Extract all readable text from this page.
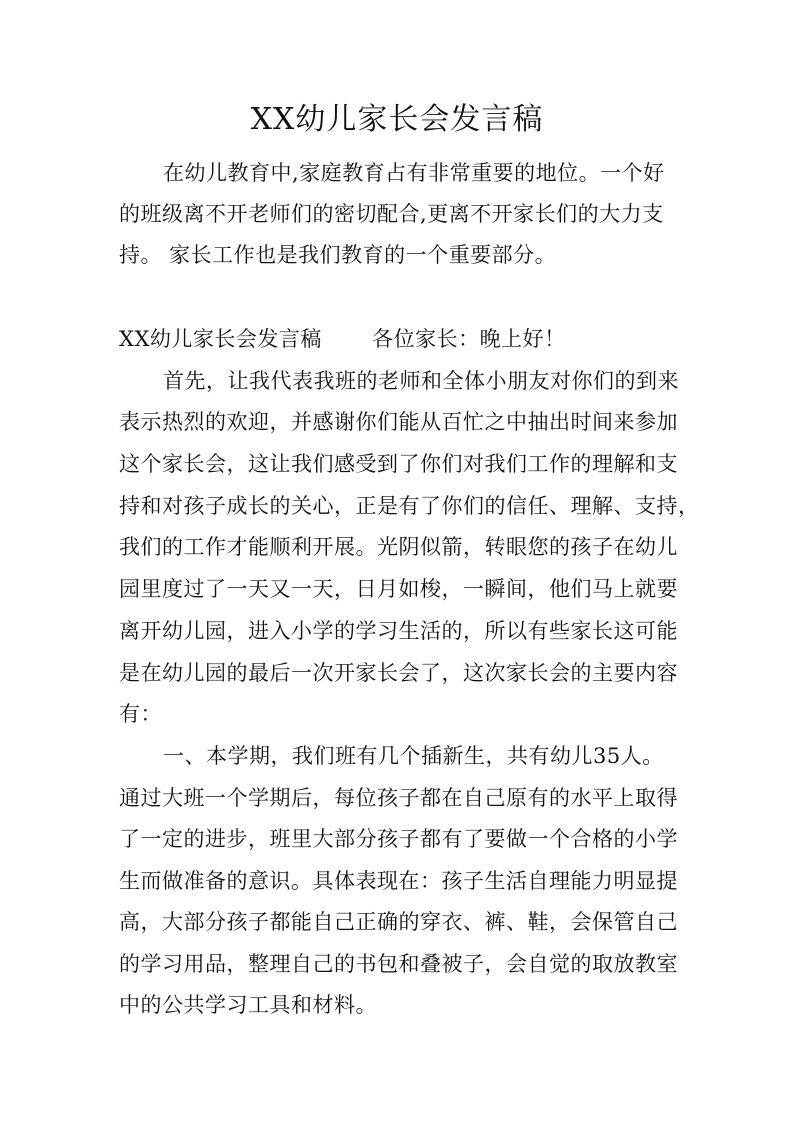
XX幼儿家长会发言稿

在幼儿教育中,家庭教育占有非常重要的地位。一个好

的班级离不开老师们的密切配合,更离不开家长们的大力支

持。 家长工作也是我们教育的一个重要部分。

XX幼儿家长会发言稿　　 各位家长：晚上好！

首先，让我代表我班的老师和全体小朋友对你们的到来

表示热烈的欢迎，并感谢你们能从百忙之中抽出时间来参加

这个家长会，这让我们感受到了你们对我们工作的理解和支

持和对孩子成长的关心，正是有了你们的信任、理解、支持，

我们的工作才能顺利开展。光阴似箭，转眼您的孩子在幼儿

园里度过了一天又一天，日月如梭，一瞬间，他们马上就要

离开幼儿园，进入小学的学习生活的，所以有些家长这可能

是在幼儿园的最后一次开家长会了，这次家长会的主要内容

有：

一、本学期，我们班有几个插新生，共有幼儿35人。

通过大班一个学期后，每位孩子都在自己原有的水平上取得

了一定的进步，班里大部分孩子都有了要做一个合格的小学

生而做准备的意识。具体表现在：孩子生活自理能力明显提

高，大部分孩子都能自己正确的穿衣、裤、鞋，会保管自己

的学习用品，整理自己的书包和叠被子，会自觉的取放教室

中的公共学习工具和材料。
